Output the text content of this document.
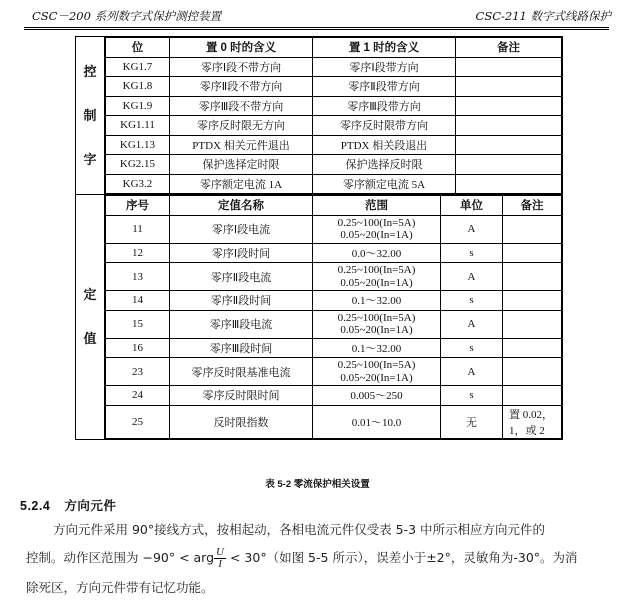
CSC－200 系列数字式保护测控装置	CSC-211 数字式线路保护
控

制

字	
位	置 0 时的含义	置 1 时的含义	备注
KG1.7	零序Ⅰ段不带方向	零序Ⅰ段带方向	
KG1.8	零序Ⅱ段不带方向	零序Ⅱ段带方向	
KG1.9	零序Ⅲ段不带方向	零序Ⅲ段带方向	
KG1.11	零序反时限无方向	零序反时限带方向	
KG1.13	PTDX 相关元件退出	PTDX 相关段退出	
KG2.15	保护选择定时限	保护选择反时限	
KG3.2	零序额定电流 1A	零序额定电流 5A	

定

值	
序号	定值名称	范围	单位	备注
11	零序Ⅰ段电流	0.25~100(In=5A)
0.05~20(In=1A)	A	
12	零序Ⅰ段时间	0.0～32.00	s	
13	零序Ⅱ段电流	0.25~100(In=5A)
0.05~20(In=1A)	A	
14	零序Ⅱ段时间	0.1～32.00	s	
15	零序Ⅲ段电流	0.25~100(In=5A)
0.05~20(In=1A)	A	
16	零序Ⅲ段时间	0.1～32.00	s	
23	零序反时限基准电流	0.25~100(In=5A)
0.05~20(In=1A)	A	
24	零序反时限时间	0.005～250	s	
25	反时限指数	0.01～10.0	无	置 0.02，1，或 2
表 5-2 零流保护相关设置
5.2.4 方向元件
方向元件采用 90°接线方式，按相起动，各相电流元件仅受表 5-3 中所示相应方向元件的
控制。动作区范围为 −90° < arg $\frac{U}{I} < 30^\circ$（如图 5-5 所示），误差小于±2°，灵敏角为-30°。为消
除死区，方向元件带有记忆功能。
